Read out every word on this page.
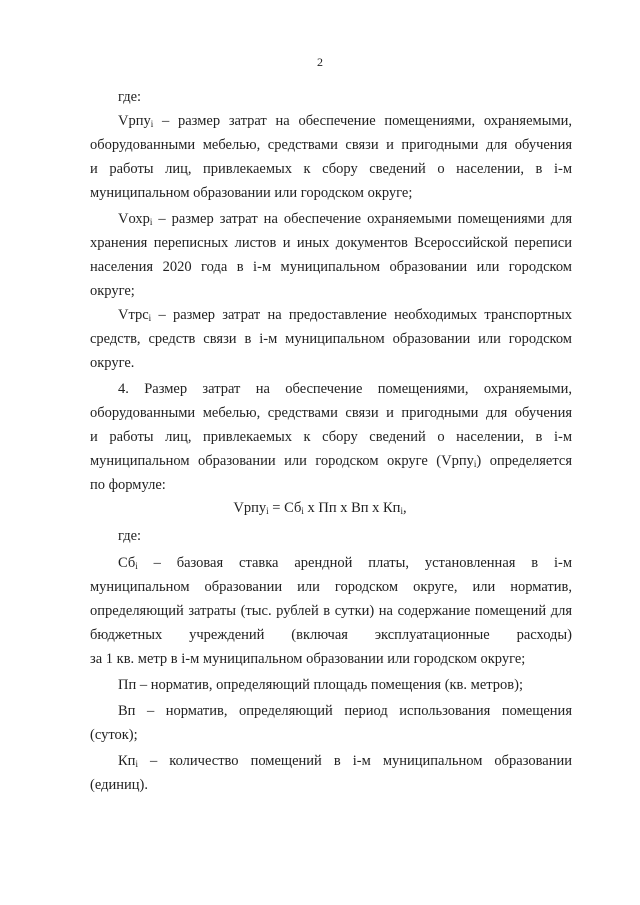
2
где:
Vрпу$_i$ – размер затрат на обеспечение помещениями, охраняемыми,
оборудованными мебелью, средствами связи и пригодными для обучения
и работы лиц, привлекаемых к сбору сведений о населении, в i-м
муниципальном образовании или городском округе;
Vохр$_i$ – размер затрат на обеспечение охраняемыми помещениями для
хранения переписных листов и иных документов Всероссийской переписи
населения 2020 года в i-м муниципальном образовании или городском
округе;
Vтрс$_i$ – размер затрат на предоставление необходимых транспортных
средств, средств связи в i-м муниципальном образовании или городском
округе.
4. Размер затрат на обеспечение помещениями, охраняемыми,
оборудованными мебелью, средствами связи и пригодными для обучения
и работы лиц, привлекаемых к сбору сведений о населении, в i-м
муниципальном образовании или городском округе (Vрпу$_i$) определяется
по формуле:
Vрпу$_i$ = $Сб_i$ х Пп х Вп х $Кп_i$,
где:
$Сб_i$ – базовая ставка арендной платы, установленная в i-м
муниципальном образовании или городском округе, или норматив,
определяющий затраты (тыс. рублей в сутки) на содержание помещений для
бюджетных учреждений (включая эксплуатационные расходы)
за 1 кв. метр в i-м муниципальном образовании или городском округе;
Пп – норматив, определяющий площадь помещения (кв. метров);
Вп – норматив, определяющий период использования помещения
(суток);
$Кп_i$ – количество помещений в i-м муниципальном образовании
(единиц).
